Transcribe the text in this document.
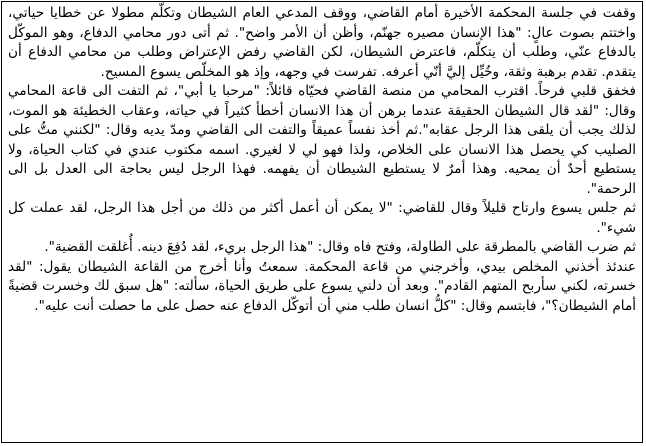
وقفت في جلسة المحكمة الأخيرة أمام القاضي، ووقف المدعي العام الشيطان وتكلّم مطولا عن خطايا حياتي، واختتم بصوت عالٍ: "هذا الإنسان مصيره جهنّم، وأظن أن الأمر واضح". ثم أتى دور محامي الدفاع، وهو الموكّل بالدفاع عنّي، وطلب أن يتكلّم، فاعترض الشيطان، لكن القاضي رفض الإعتراض وطلب من محامي الدفاع أن يتقدم. تقدم برهبة وثقة، وخُيِّل إليَّ أنّي أعرفه. تفرست في وجهه، وإذ هو المخلّص يسوع المسيح.

فخفق قلبي فرحاً. اقترب المحامي من منصة القاضي فحيّاه قائلاً: "مرحبا يا أبي"، ثم التفت الى قاعة المحامي وقال: "لقد قال الشيطان الحقيقة عندما برهن أن هذا الانسان أخطأ كثيراً في حياته، وعقاب الخطيئة هو الموت، لذلك يجب أن يلقى هذا الرجل عقابه".ثم أخذ نفساً عميقاً والتفت الى القاضي ومدّ يديه وقال: "لكنني متُّ على الصليب كي يحصل هذا الانسان على الخلاص، ولذا فهو لي لا لغيري. اسمه مكتوب عندي في كتاب الحياة، ولا يستطيع أحدٌ أن يمحيه. وهذا أمرٌ لا يستطيع الشيطان أن يفهمه. فهذا الرجل ليس بحاجة الى العدل بل الى الرحمة".

ثم جلس يسوع وارتاح قليلاً وقال للقاضي: "لا يمكن أن أعمل أكثر من ذلك من أجل هذا الرجل، لقد عملت كل شيء".

ثم ضرب القاضي بالمطرقة على الطاولة، وفتح فاه وقال: "هذا الرجل بريء، لقد دُفِعَ دينه. أُغلقت القضية".

عندئذ أخذني المخلص بيدي، وأخرجني من قاعة المحكمة. سمعتُ وأنا أخرج من القاعة الشيطان يقول: "لقد خسرته، لكني سأربح المتهم القادم". وبعد أن دلني يسوع على طريق الحياة، سألته: "هل سبق لك وخسرت قضيةً أمام الشيطان؟"، فابتسم وقال: "كلُّ انسان طلب مني أن أتوكّل الدفاع عنه حصل على ما حصلت أنت عليه".
